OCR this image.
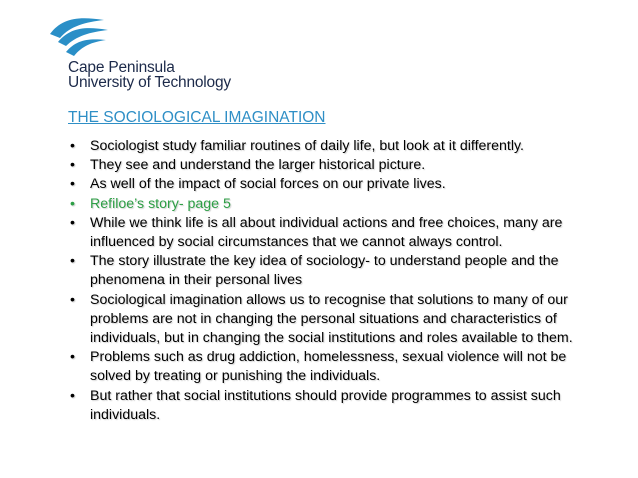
Cape Peninsula
University of Technology
THE SOCIOLOGICAL IMAGINATION
• Sociologist study familiar routines of daily life, but look at it differently.
• They see and understand the larger historical picture.
• As well of the impact of social forces on our private lives.
• Refiloe’s story- page 5
• While we think life is all about individual actions and free choices, many are influenced by social circumstances that we cannot always control.
• The story illustrate the key idea of sociology- to understand people and the phenomena in their personal lives
• Sociological imagination allows us to recognise that solutions to many of our problems are not in changing the personal situations and characteristics of individuals, but in changing the social institutions and roles available to them.
• Problems such as drug addiction, homelessness, sexual violence will not be solved by treating or punishing the individuals.
• But rather that social institutions should provide programmes to assist such individuals.
